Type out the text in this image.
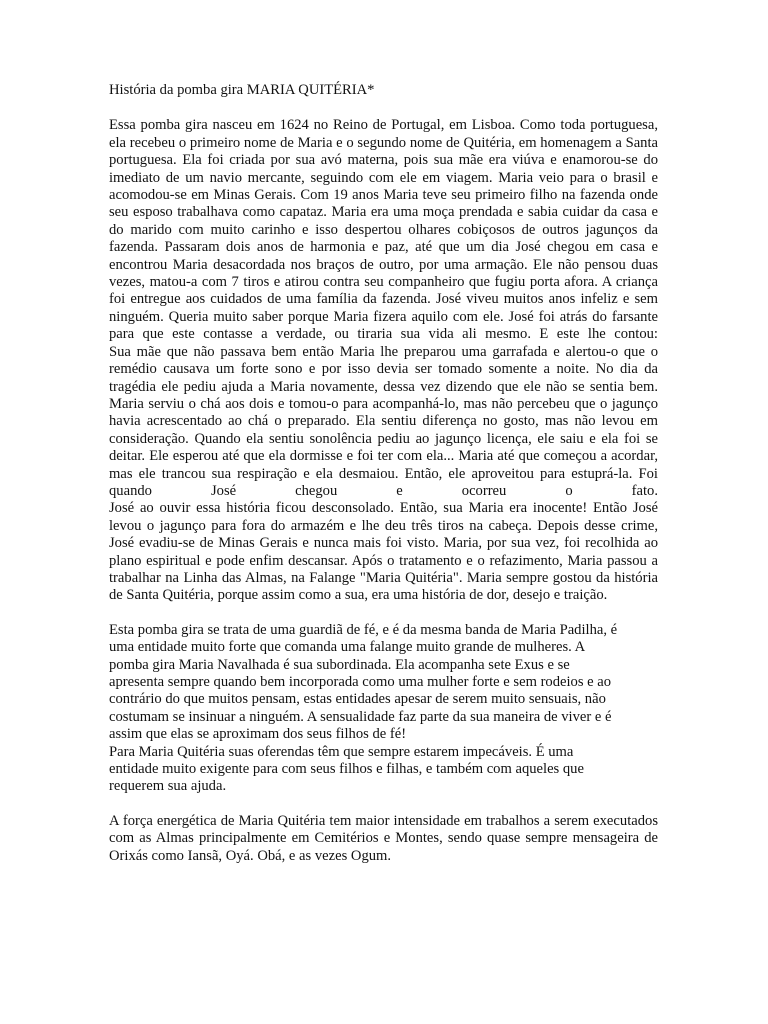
História da pomba gira MARIA QUITÉRIA*
Essa pomba gira nasceu em 1624 no Reino de Portugal, em Lisboa. Como toda portuguesa, ela recebeu o primeiro nome de Maria e o segundo nome de Quitéria, em homenagem a Santa portuguesa. Ela foi criada por sua avó materna, pois sua mãe era viúva e enamorou-se do imediato de um navio mercante, seguindo com ele em viagem. Maria veio para o brasil e acomodou-se em Minas Gerais. Com 19 anos Maria teve seu primeiro filho na fazenda onde seu esposo trabalhava como capataz. Maria era uma moça prendada e sabia cuidar da casa e do marido com muito carinho e isso despertou olhares cobiçosos de outros jagunços da fazenda. Passaram dois anos de harmonia e paz, até que um dia José chegou em casa e encontrou Maria desacordada nos braços de outro, por uma armação. Ele não pensou duas vezes, matou-a com 7 tiros e atirou contra seu companheiro que fugiu porta afora. A criança foi entregue aos cuidados de uma família da fazenda. José viveu muitos anos infeliz e sem ninguém. Queria muito saber porque Maria fizera aquilo com ele. José foi atrás do farsante para que este contasse a verdade, ou tiraria sua vida ali mesmo. E este lhe contou:
Sua mãe que não passava bem então Maria lhe preparou uma garrafada e alertou-o que o remédio causava um forte sono e por isso devia ser tomado somente a noite. No dia da tragédia ele pediu ajuda a Maria novamente, dessa vez dizendo que ele não se sentia bem. Maria serviu o chá aos dois e tomou-o para acompanhá-lo, mas não percebeu que o jagunço havia acrescentado ao chá o preparado. Ela sentiu diferença no gosto, mas não levou em consideração. Quando ela sentiu sonolência pediu ao jagunço licença, ele saiu e ela foi se deitar. Ele esperou até que ela dormisse e foi ter com ela... Maria até que começou a acordar, mas ele trancou sua respiração e ela desmaiou. Então, ele aproveitou para estuprá-la. Foi quando José chegou e ocorreu o fato.
José ao ouvir essa história ficou desconsolado. Então, sua Maria era inocente! Então José levou o jagunço para fora do armazém e lhe deu três tiros na cabeça. Depois desse crime, José evadiu-se de Minas Gerais e nunca mais foi visto. Maria, por sua vez, foi recolhida ao plano espiritual e pode enfim descansar. Após o tratamento e o refazimento, Maria passou a trabalhar na Linha das Almas, na Falange "Maria Quitéria". Maria sempre gostou da história de Santa Quitéria, porque assim como a sua, era uma história de dor, desejo e traição.
Esta pomba gira se trata de uma guardiã de fé, e é da mesma banda de Maria Padilha, é
uma entidade muito forte que comanda uma falange muito grande de mulheres. A
pomba gira Maria Navalhada é sua subordinada. Ela acompanha sete Exus e se
apresenta sempre quando bem incorporada como uma mulher forte e sem rodeios e ao
contrário do que muitos pensam, estas entidades apesar de serem muito sensuais, não
costumam se insinuar a ninguém. A sensualidade faz parte da sua maneira de viver e é
assim que elas se aproximam dos seus filhos de fé!
Para Maria Quitéria suas oferendas têm que sempre estarem impecáveis. É uma
entidade muito exigente para com seus filhos e filhas, e também com aqueles que
requerem sua ajuda.
A força energética de Maria Quitéria tem maior intensidade em trabalhos a serem executados com as Almas principalmente em Cemitérios e Montes, sendo quase sempre mensageira de Orixás como Iansã, Oyá. Obá, e as vezes Ogum.
